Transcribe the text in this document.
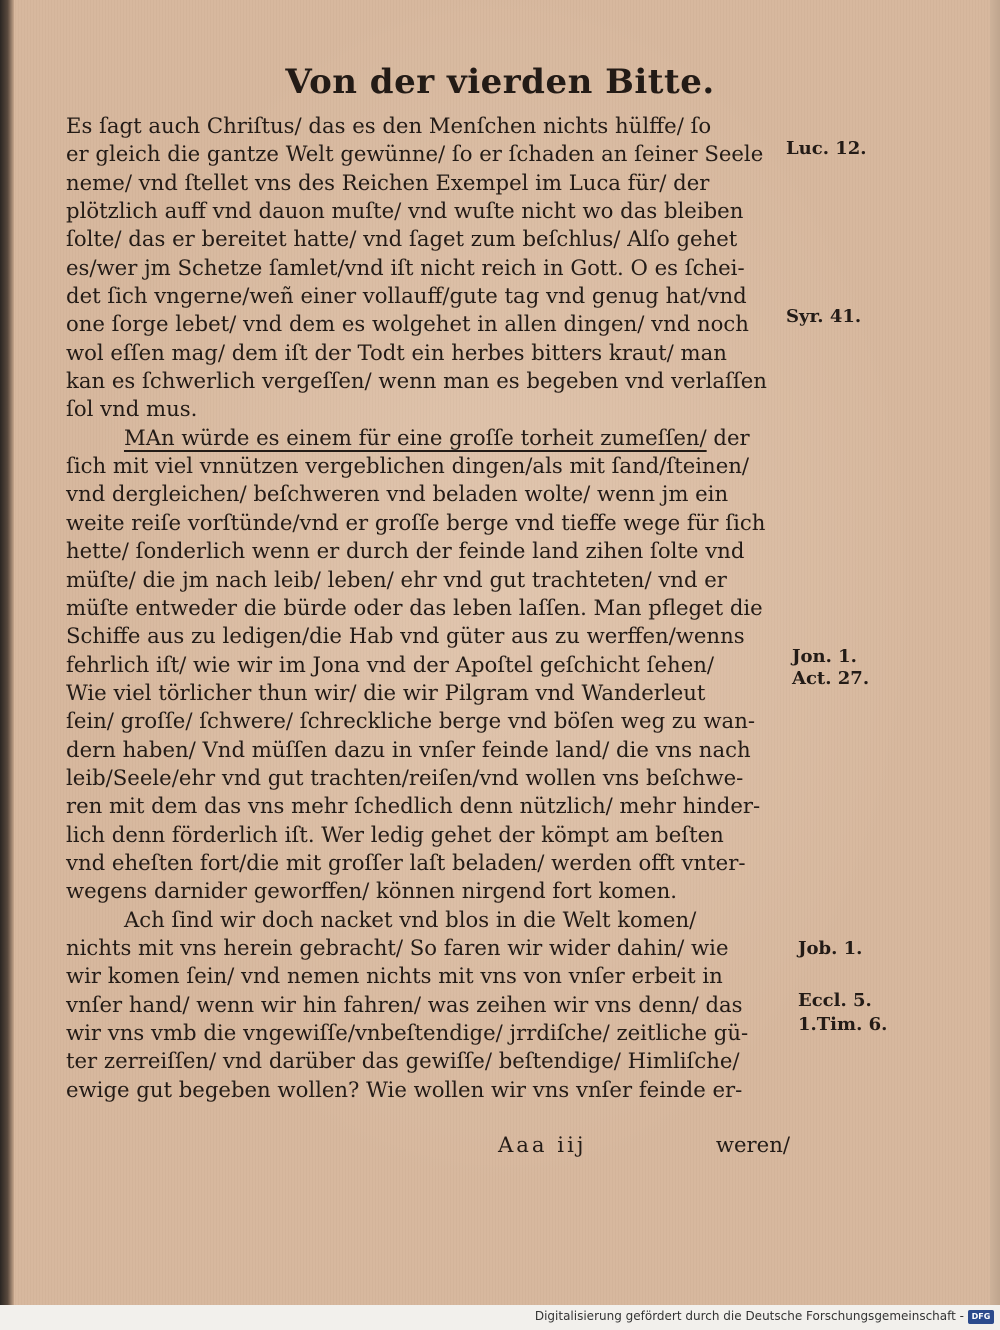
Von der vierden Bitte.
Es ſagt auch Chriſtus/ das es den Menſchen nichts hülffe/ ſo
er gleich die gantze Welt gewünne/ ſo er ſchaden an ſeiner Seele
neme/ vnd ſtellet vns des Reichen Exempel im Luca für/ der
plötzlich auff vnd dauon muſte/ vnd wuſte nicht wo das bleiben
ſolte/ das er bereitet hatte/ vnd ſaget zum beſchlus/ Alſo gehet
es/wer jm Schetze ſamlet/vnd iſt nicht reich in Gott. O es ſchei-
det ſich vngerne/weñ einer vollauff/gute tag vnd genug hat/vnd
one ſorge lebet/ vnd dem es wolgehet in allen dingen/ vnd noch
wol eſſen mag/ dem iſt der Todt ein herbes bitters kraut/ man
kan es ſchwerlich vergeſſen/ wenn man es begeben vnd verlaſſen
ſol vnd mus.
MAn würde es einem für eine groſſe torheit zumeſſen/ der
ſich mit viel vnnützen vergeblichen dingen/als mit ſand/ſteinen/
vnd dergleichen/ beſchweren vnd beladen wolte/ wenn jm ein
weite reiſe vorſtünde/vnd er groſſe berge vnd tieffe wege für ſich
hette/ ſonderlich wenn er durch der feinde land zihen ſolte vnd
müſte/ die jm nach leib/ leben/ ehr vnd gut trachteten/ vnd er
müſte entweder die bürde oder das leben laſſen. Man pfleget die
Schiffe aus zu ledigen/die Hab vnd güter aus zu werffen/wenns
fehrlich iſt/ wie wir im Jona vnd der Apoſtel geſchicht ſehen/
Wie viel törlicher thun wir/ die wir Pilgram vnd Wanderleut
ſein/ groſſe/ ſchwere/ ſchreckliche berge vnd böſen weg zu wan-
dern haben/ Vnd müſſen dazu in vnſer feinde land/ die vns nach
leib/Seele/ehr vnd gut trachten/reiſen/vnd wollen vns beſchwe-
ren mit dem das vns mehr ſchedlich denn nützlich/ mehr hinder-
lich denn förderlich iſt. Wer ledig gehet der kömpt am beſten
vnd eheſten fort/die mit groſſer laſt beladen/ werden offt vnter-
wegens darnider geworffen/ können nirgend fort komen.
Ach ſind wir doch nacket vnd blos in die Welt komen/
nichts mit vns herein gebracht/ So faren wir wider dahin/ wie
wir komen ſein/ vnd nemen nichts mit vns von vnſer erbeit in
vnſer hand/ wenn wir hin fahren/ was zeihen wir vns denn/ das
wir vns vmb die vngewiſſe/vnbeſtendige/ jrrdiſche/ zeitliche gü-
ter zerreiſſen/ vnd darüber das gewiſſe/ beſtendige/ Himliſche/
ewige gut begeben wollen? Wie wollen wir vns vnſer feinde er-
Luc. 12.
Syr. 41.
Jon. 1.
Act. 27.
Job. 1.
Eccl. 5.
1.Tim. 6.
Aaa iij	weren/
Digitalisierung gefördert durch die Deutsche Forschungsgemeinschaft - DFG
